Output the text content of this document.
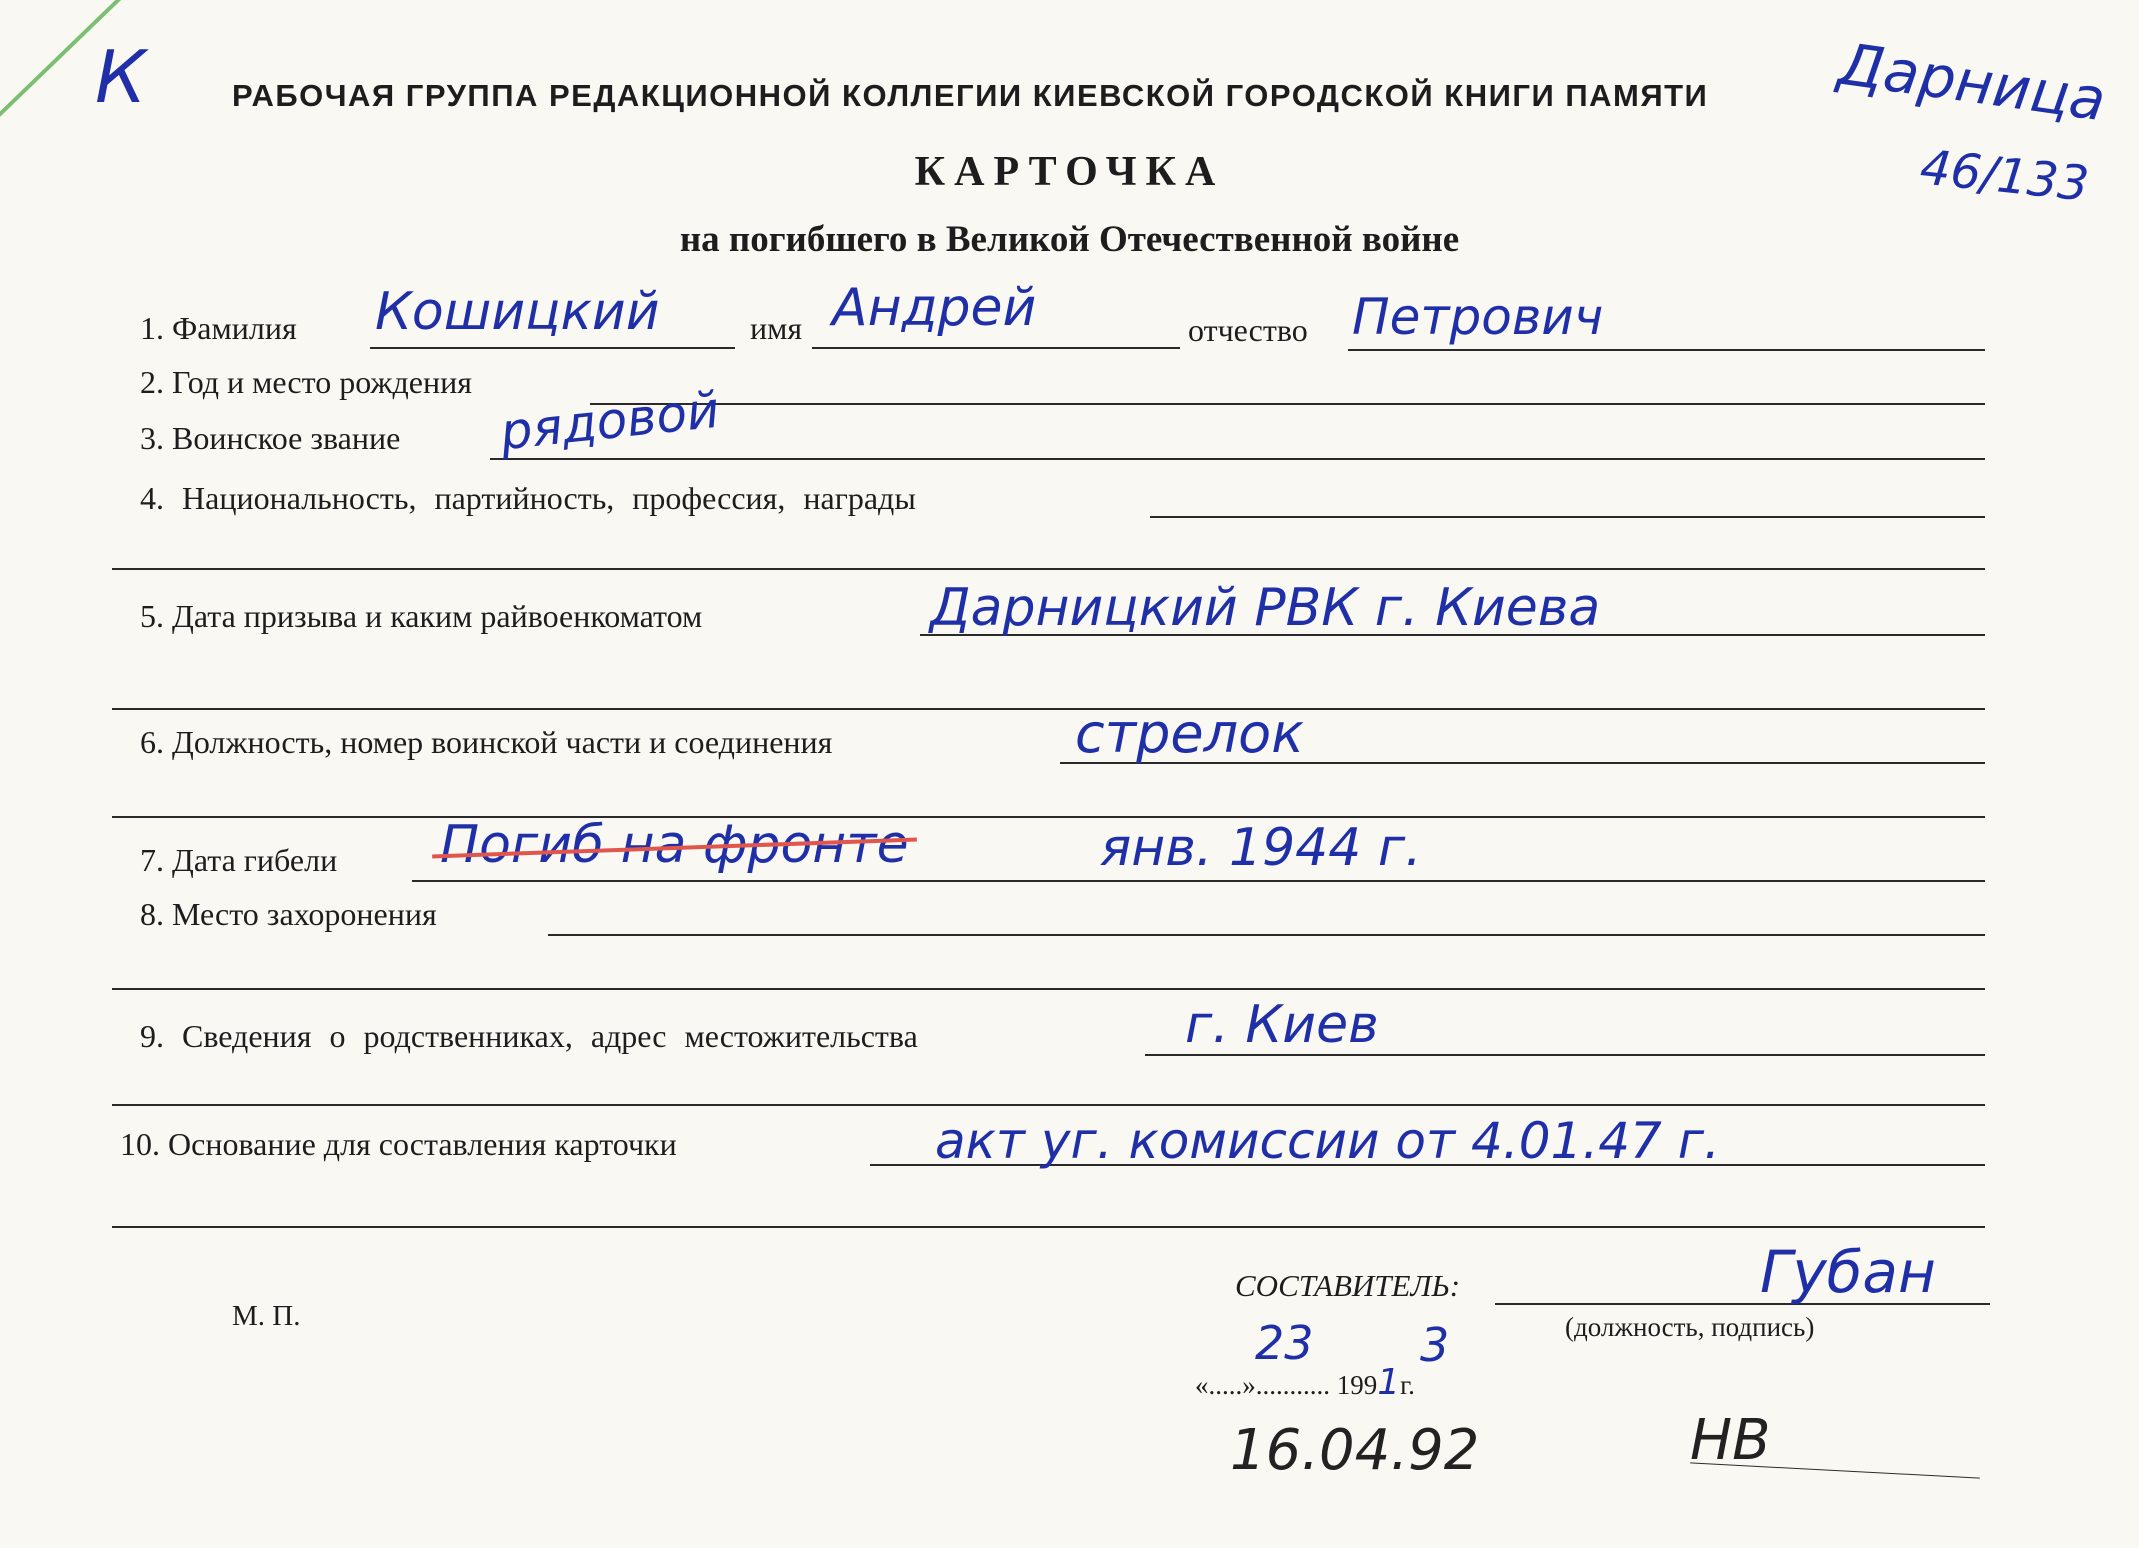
К	Дарница
46/133
РАБОЧАЯ ГРУППА РЕДАКЦИОННОЙ КОЛЛЕГИИ КИЕВСКОЙ ГОРОДСКОЙ КНИГИ ПАМЯТИ
КАРТОЧКА
на погибшего в Великой Отечественной войне
1. Фамилия Кошицкий	имя Андрей	отчество Петрович
2. Год и место рождения
3. Воинское звание рядовой
4. Национальность, партийность, профессия, награды
5. Дата призыва и каким райвоенкоматом	Дарницкий РВК г. Киева
6. Должность, номер воинской части и соединения	стрелок
7. Дата гибели Погиб на фронте	янв. 1944 г.
8. Место захоронения
9. Сведения о родственниках, адрес местожительства	г. Киев
10. Основание для составления карточки	акт уг. комиссии от 4.01.47 г.
М. П.
СОСТАВИТЕЛЬ:	Губан
(должность, подпись)
«.....»........... 1991г.
23 3
16.04.92	НВ
